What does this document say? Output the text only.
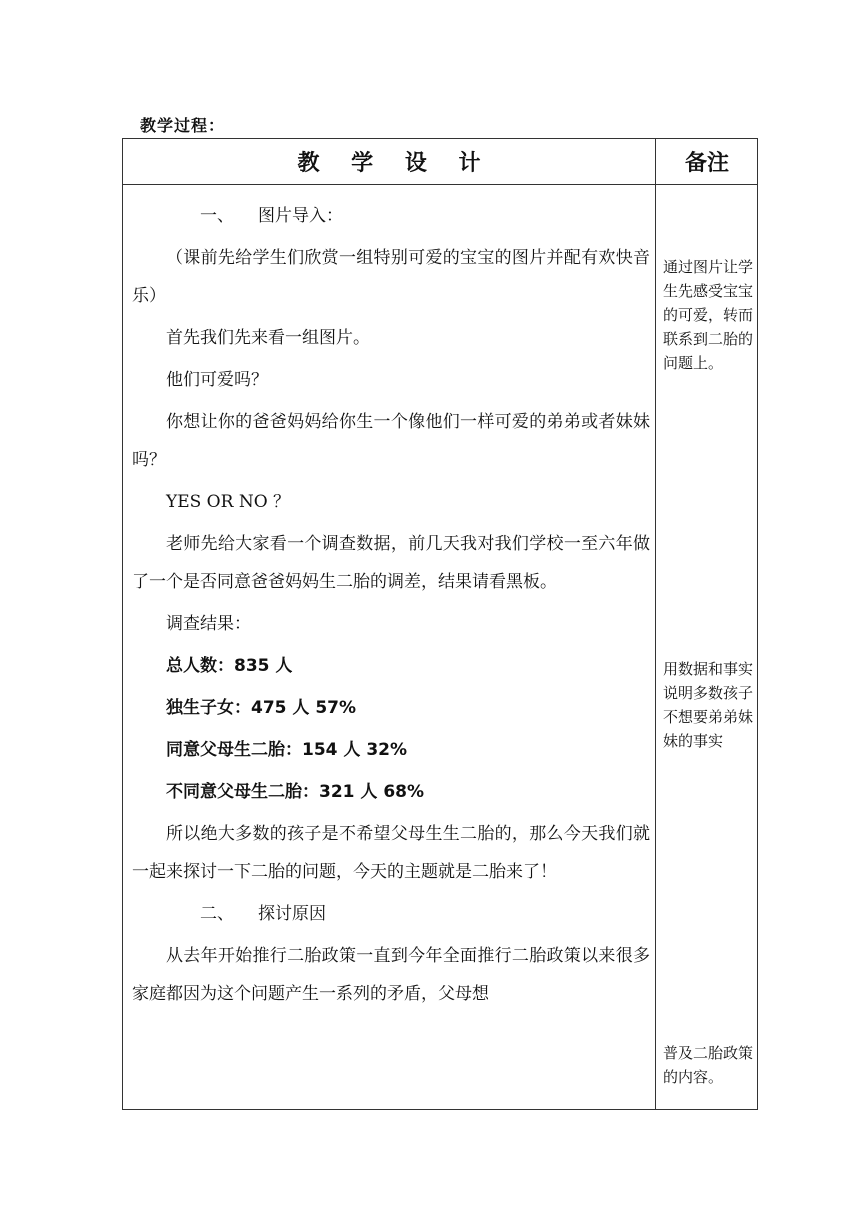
教学过程：
教 学 设 计	备注

一、 图片导入：

（课前先给学生们欣赏一组特别可爱的宝宝的图片并配有欢快音乐）

首先我们先来看一组图片。

他们可爱吗？

你想让你的爸爸妈妈给你生一个像他们一样可爱的弟弟或者妹妹吗？

YES OR NO ？

老师先给大家看一个调查数据，前几天我对我们学校一至六年做了一个是否同意爸爸妈妈生二胎的调差，结果请看黑板。

调查结果：

总人数：835 人

独生子女：475 人 57%

同意父母生二胎：154 人 32%

不同意父母生二胎：321 人 68%

所以绝大多数的孩子是不希望父母生生二胎的，那么今天我们就一起来探讨一下二胎的问题，今天的主题就是二胎来了！

二、 探讨原因

从去年开始推行二胎政策一直到今年全面推行二胎政策以来很多家庭都因为这个问题产生一系列的矛盾，父母想

通过图片让学生先感受宝宝的可爱，转而联系到二胎的问题上。
用数据和事实说明多数孩子不想要弟弟妹妹的事实
普及二胎政策的内容。
